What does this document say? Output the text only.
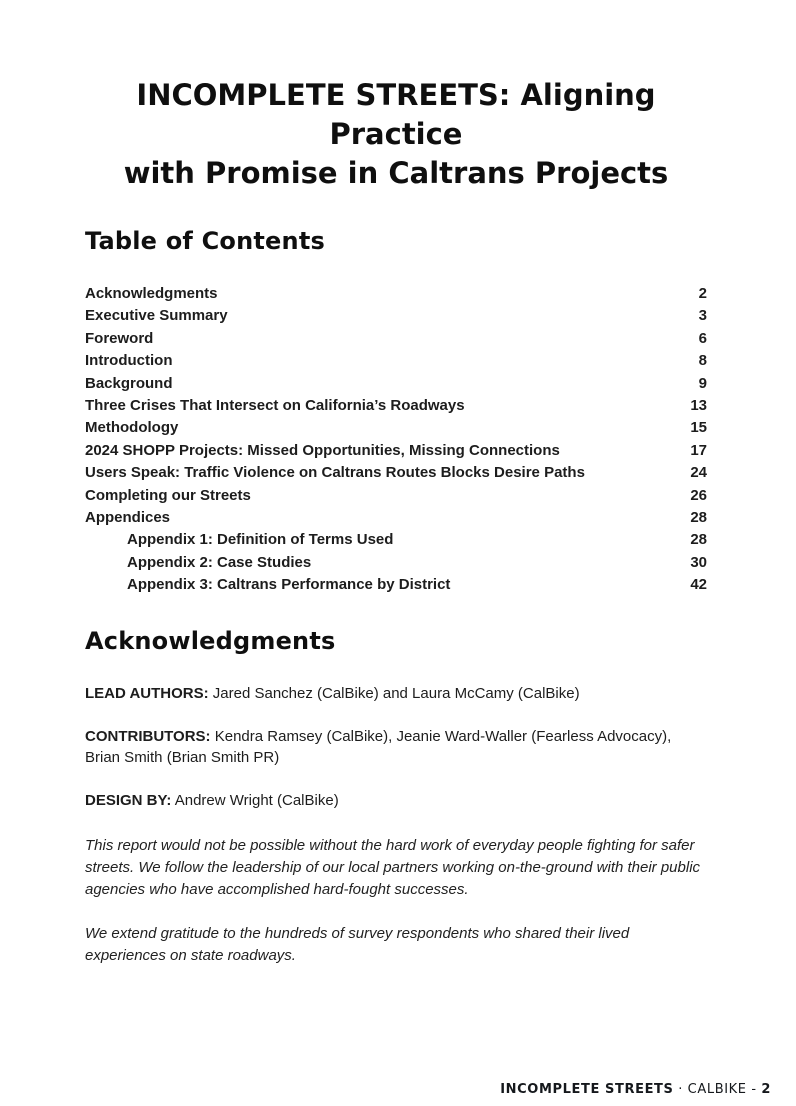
INCOMPLETE STREETS: Aligning Practice
with Promise in Caltrans Projects
Table of Contents
Acknowledgments	2
Executive Summary	3
Foreword	6
Introduction	8
Background	9
Three Crises That Intersect on California’s Roadways	13
Methodology	15
2024 SHOPP Projects: Missed Opportunities, Missing Connections	17
Users Speak: Traffic Violence on Caltrans Routes Blocks Desire Paths	24
Completing our Streets	26
Appendices	28
Appendix 1: Definition of Terms Used	28
Appendix 2: Case Studies	30
Appendix 3: Caltrans Performance by District	42
Acknowledgments

LEAD AUTHORS: Jared Sanchez (CalBike) and Laura McCamy (CalBike)

CONTRIBUTORS: Kendra Ramsey (CalBike), Jeanie Ward-Waller (Fearless Advocacy), Brian Smith (Brian Smith PR)

DESIGN BY: Andrew Wright (CalBike)

This report would not be possible without the hard work of everyday people fighting for safer streets. We follow the leadership of our local partners working on-the-ground with their public agencies who have accomplished hard-fought successes.

We extend gratitude to the hundreds of survey respondents who shared their lived experiences on state roadways.

INCOMPLETE STREETS · CALBIKE - 2
